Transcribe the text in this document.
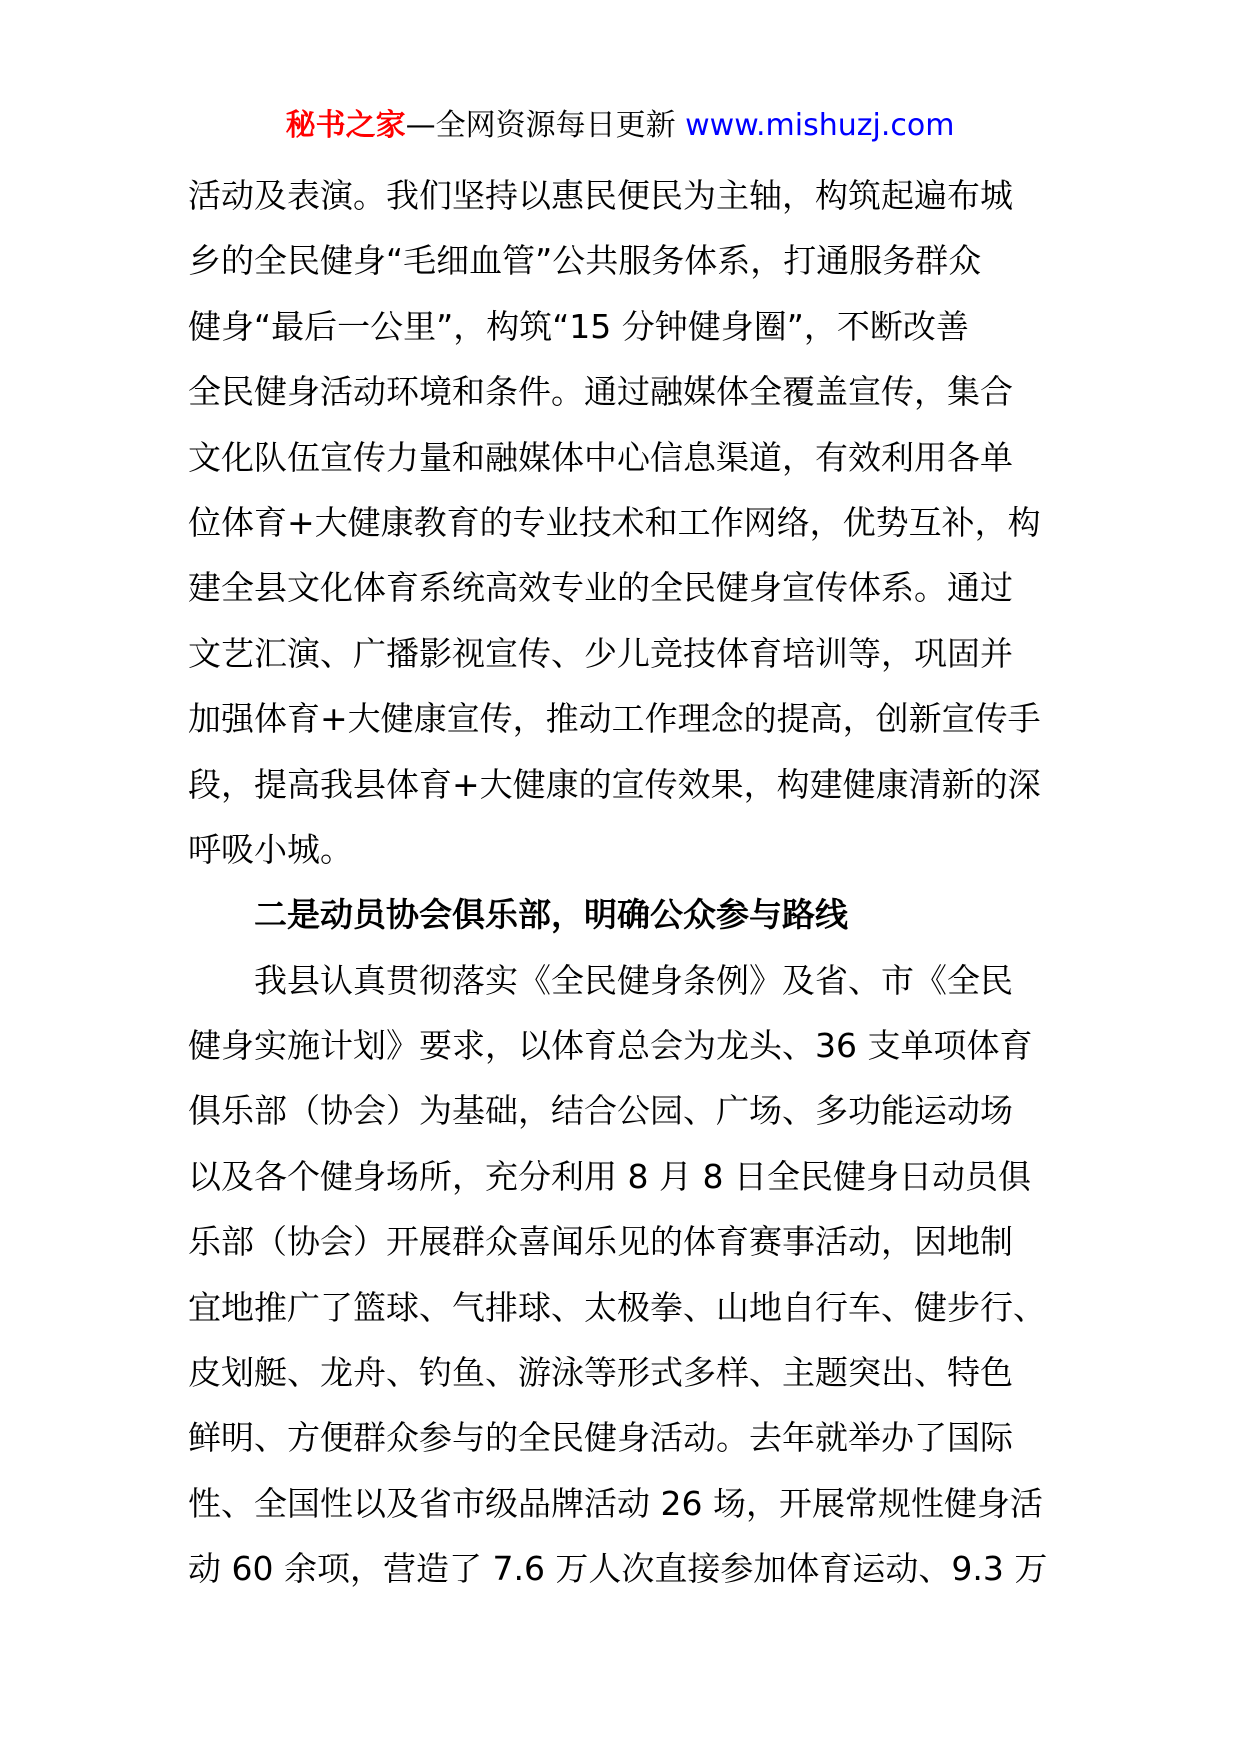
秘书之家—全网资源每日更新 www.mishuzj.com
活动及表演。我们坚持以惠民便民为主轴，构筑起遍布城
乡的全民健身“毛细血管”公共服务体系，打通服务群众
健身“最后一公里”，构筑“15 分钟健身圈”，不断改善
全民健身活动环境和条件。通过融媒体全覆盖宣传，集合
文化队伍宣传力量和融媒体中心信息渠道，有效利用各单
位体育+大健康教育的专业技术和工作网络，优势互补，构
建全县文化体育系统高效专业的全民健身宣传体系。通过
文艺汇演、广播影视宣传、少儿竞技体育培训等，巩固并
加强体育+大健康宣传，推动工作理念的提高，创新宣传手
段，提高我县体育+大健康的宣传效果，构建健康清新的深
呼吸小城。
二是动员协会俱乐部，明确公众参与路线
我县认真贯彻落实《全民健身条例》及省、市《全民
健身实施计划》要求，以体育总会为龙头、36 支单项体育
俱乐部（协会）为基础，结合公园、广场、多功能运动场
以及各个健身场所，充分利用 8 月 8 日全民健身日动员俱
乐部（协会）开展群众喜闻乐见的体育赛事活动，因地制
宜地推广了篮球、气排球、太极拳、山地自行车、健步行、
皮划艇、龙舟、钓鱼、游泳等形式多样、主题突出、特色
鲜明、方便群众参与的全民健身活动。去年就举办了国际
性、全国性以及省市级品牌活动 26 场，开展常规性健身活
动 60 余项，营造了 7.6 万人次直接参加体育运动、9.3 万
